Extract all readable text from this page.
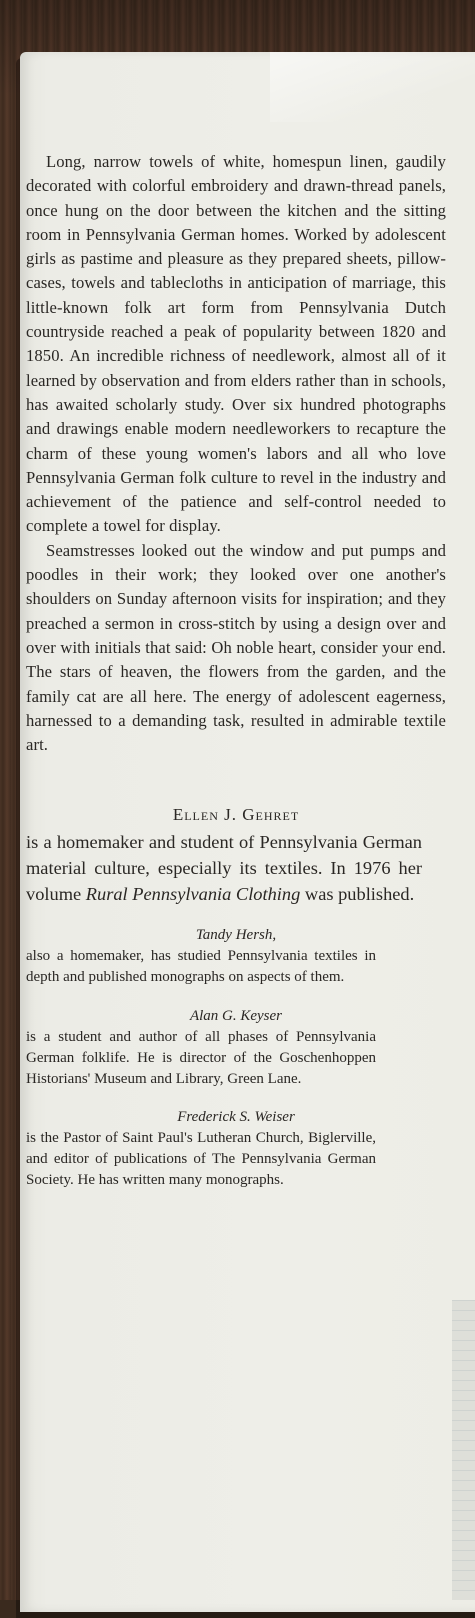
Long, narrow towels of white, homespun linen, gaudily decorated with colorful embroidery and drawn-thread panels, once hung on the door between the kitchen and the sitting room in Pennsylvania German homes. Worked by adolescent girls as pastime and pleasure as they prepared sheets, pillow-cases, towels and tablecloths in anticipation of marriage, this little-known folk art form from Pennsylvania Dutch countryside reached a peak of popularity between 1820 and 1850. An incredible richness of needlework, almost all of it learned by observation and from elders rather than in schools, has awaited scholarly study. Over six hundred photographs and drawings enable modern needleworkers to recapture the charm of these young women's labors and all who love Pennsylvania German folk culture to revel in the industry and achievement of the patience and self-control needed to complete a towel for display.

Seamstresses looked out the window and put pumps and poodles in their work; they looked over one another's shoulders on Sunday afternoon visits for inspiration; and they preached a sermon in cross-stitch by using a design over and over with initials that said: Oh noble heart, consider your end. The stars of heaven, the flowers from the garden, and the family cat are all here. The energy of adolescent eagerness, harnessed to a demanding task, resulted in admirable textile art.

Ellen J. Gehret

is a homemaker and student of Pennsylvania German material culture, especially its textiles. In 1976 her volume Rural Pennsylvania Clothing was published.

Tandy Hersh,

also a homemaker, has studied Pennsylvania textiles in depth and published monographs on aspects of them.

Alan G. Keyser

is a student and author of all phases of Pennsylvania German folklife. He is director of the Goschenhoppen Historians' Museum and Library, Green Lane.

Frederick S. Weiser

is the Pastor of Saint Paul's Lutheran Church, Biglerville, and editor of publications of The Pennsylvania German Society. He has written many monographs.
